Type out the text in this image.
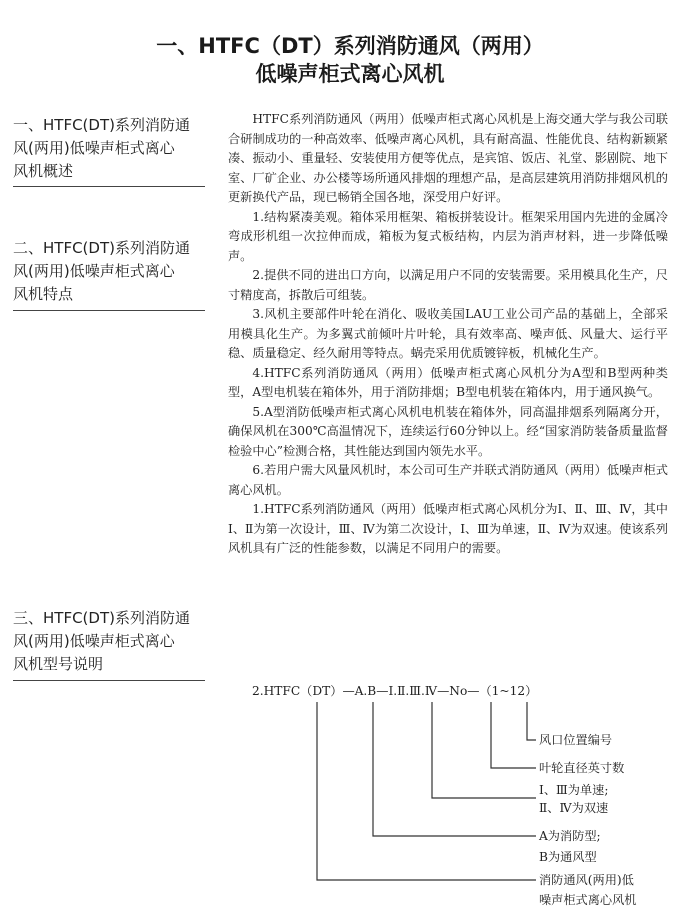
一、HTFC（DT）系列消防通风（两用）
低噪声柜式离心风机
一、HTFC(DT)系列消防通
风(两用)低噪声柜式离心
风机概述
二、HTFC(DT)系列消防通
风(两用)低噪声柜式离心
风机特点
三、HTFC(DT)系列消防通
风(两用)低噪声柜式离心
风机型号说明

HTFC系列消防通风（两用）低噪声柜式离心风机是上海交通大学与我公司联合研制成功的一种高效率、低噪声离心风机，具有耐高温、性能优良、结构新颖紧凑、振动小、重量轻、安装使用方便等优点，是宾馆、饭店、礼堂、影剧院、地下室、厂矿企业、办公楼等场所通风排烟的理想产品，是高层建筑用消防排烟风机的更新换代产品，现已畅销全国各地，深受用户好评。

1.结构紧凑美观。箱体采用框架、箱板拼装设计。框架采用国内先进的金属冷弯成形机组一次拉伸而成，箱板为复式板结构，内层为消声材料，进一步降低噪声。

2.提供不同的进出口方向，以满足用户不同的安装需要。采用模具化生产，尺寸精度高，拆散后可组装。

3.风机主要部件叶轮在消化、吸收美国LAU工业公司产品的基础上，全部采用模具化生产。为多翼式前倾叶片叶轮，具有效率高、噪声低、风量大、运行平稳、质量稳定、经久耐用等特点。蜗壳采用优质镀锌板，机械化生产。

4.HTFC系列消防通风（两用）低噪声柜式离心风机分为A型和B型两种类型，A型电机装在箱体外，用于消防排烟；B型电机装在箱体内，用于通风换气。

5.A型消防低噪声柜式离心风机电机装在箱体外，同高温排烟系列隔离分开，确保风机在300℃高温情况下，连续运行60分钟以上。经“国家消防装备质量监督检验中心”检测合格，其性能达到国内领先水平。

6.若用户需大风量风机时，本公司可生产并联式消防通风（两用）低噪声柜式离心风机。

1.HTFC系列消防通风（两用）低噪声柜式离心风机分为Ⅰ、Ⅱ、Ⅲ、Ⅳ，其中Ⅰ、Ⅱ为第一次设计，Ⅲ、Ⅳ为第二次设计，Ⅰ、Ⅲ为单速，Ⅱ、Ⅳ为双速。使该系列风机具有广泛的性能参数，以满足不同用户的需要。

2.HTFC（DT）—A.B—Ⅰ.Ⅱ.Ⅲ.Ⅳ—No—（1~12）
风口位置编号
叶轮直径英寸数
Ⅰ、Ⅲ为单速;
Ⅱ、Ⅳ为双速
A为消防型;
B为通风型
消防通风(两用)低
噪声柜式离心风机
